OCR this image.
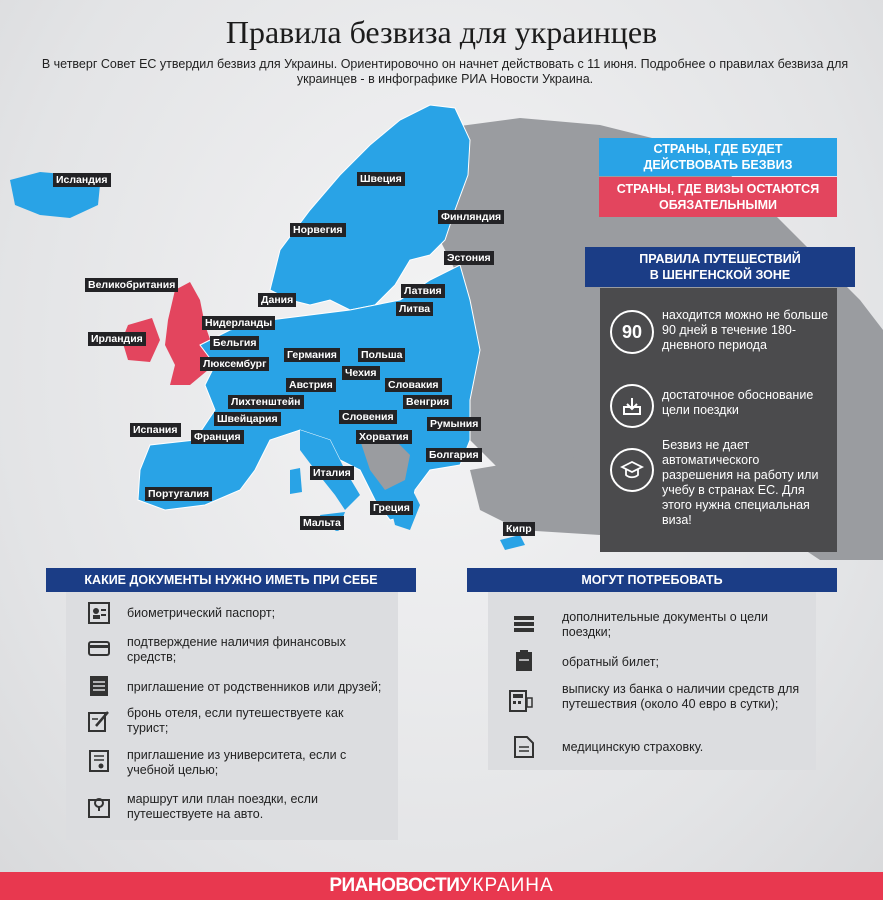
Правила безвиза для украинцев
В четверг Совет ЕС утвердил безвиз для Украины. Ориентировочно он начнет действовать с 11 июня. Подробнее о правилах безвиза для украинцев - в инфографике РИА Новости Украина.
Исландия	Швеция
Норвегия
Финляндия
Эстония
Латвия
Литва
Великобритания
Дания
Нидерланды
Ирландия	Бельгия
Германия Польша
Люксембург
Чехия
Австрия	Словакия
Лихтенштейн	Венгрия
Швейцария	Словения
Румыния
Испания
Франция	Хорватия
Болгария
Италия
Португалия
Греция
Мальта	Кипр
СТРАНЫ, ГДЕ БУДЕТ
ДЕЙСТВОВАТЬ БЕЗВИЗ
СТРАНЫ, ГДЕ ВИЗЫ ОСТАЮТСЯ
ОБЯЗАТЕЛЬНЫМИ
ПРАВИЛА ПУТЕШЕСТВИЙ
В ШЕНГЕНСКОЙ ЗОНЕ
90
находится можно не больше 90 дней в течение 180-дневного периода
достаточное обоснование цели поездки
Безвиз не дает автоматического разрешения на работу или учебу в странах ЕС. Для этого нужна специальная виза!
КАКИЕ ДОКУМЕНТЫ НУЖНО ИМЕТЬ ПРИ СЕБЕ
биометрический паспорт;
подтверждение наличия финансовых средств;
приглашение от родственников или друзей;
бронь отеля, если путешествуете как турист;
приглашение из университета, если с учебной целью;
маршрут или план поездки, если путешествуете на авто.
МОГУТ ПОТРЕБОВАТЬ
дополнительные документы о цели поездки;
обратный билет;
выписку из банка о наличии средств для путешествия (около 40 евро в сутки);
медицинскую страховку.
РИАНОВОСТИ УКРАИНА
